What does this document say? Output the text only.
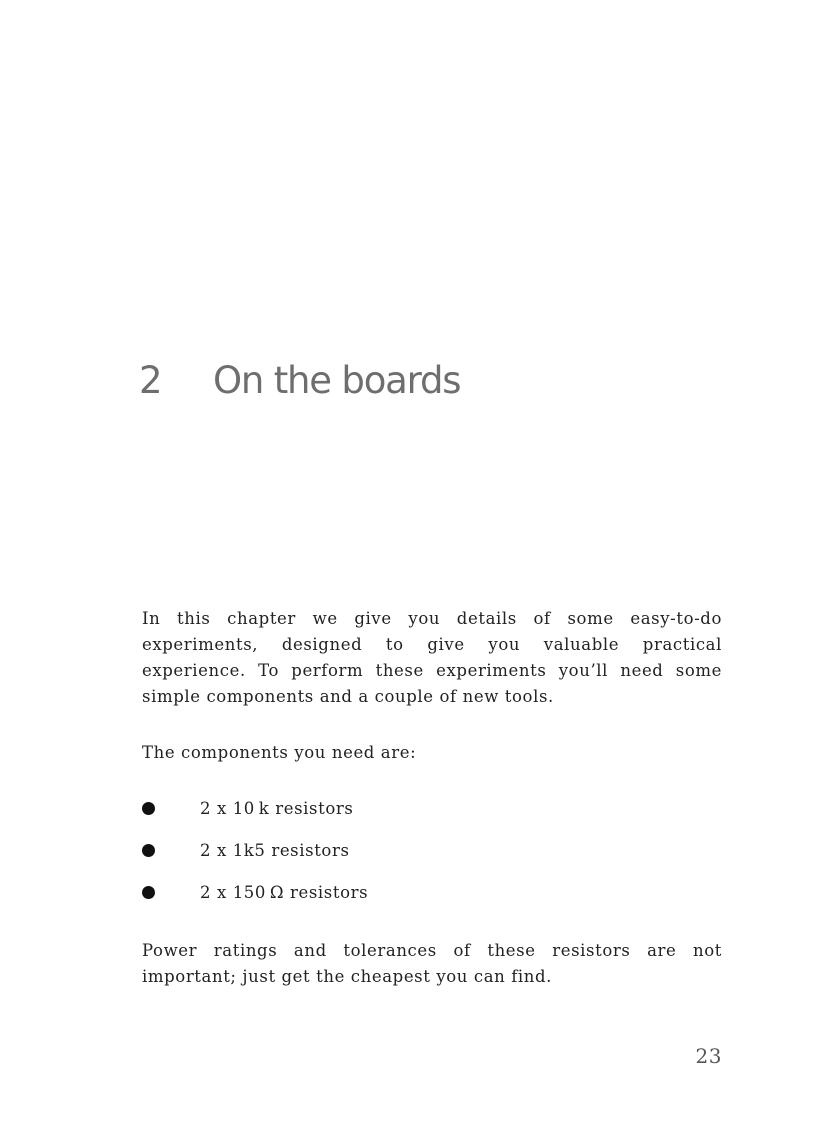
2 On the boards

In this chapter we give you details of some easy-to-do experiments, designed to give you valuable practical experience. To perform these experiments you’ll need some simple components and a couple of new tools.

The components you need are:

2 x 10 k resistors
2 x 1k5 resistors
2 x 150 Ω resistors

Power ratings and tolerances of these resistors are not important; just get the cheapest you can find.

23
